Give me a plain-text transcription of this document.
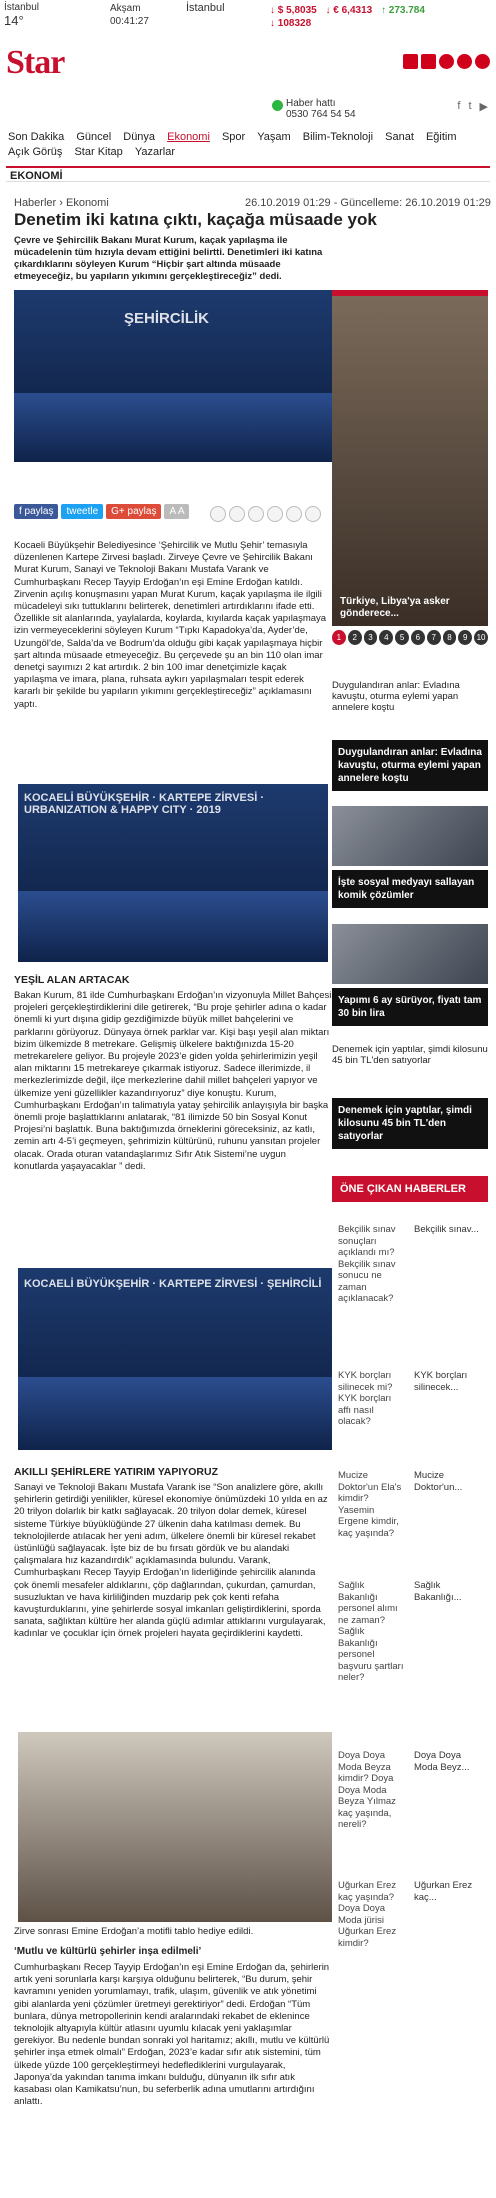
İstanbul
14°
Akşam
00:41:27
İstanbul	↓ $ 5,8035 ↓ € 6,4313 ↑ 273.784
↓ 108328
Star
Haber hattı
0530 764 54 54
f t ▶
Son Dakika Güncel Dünya Ekonomi Spor Yaşam Bilim-Teknoloji Sanat Eğitim Açık Görüş Star Kitap Yazarlar
EKONOMİ
Haberler › Ekonomi	26.10.2019 01:29 - Güncelleme: 26.10.2019 01:29
Denetim iki katına çıktı, kaçağa müsaade yok

Çevre ve Şehircilik Bakanı Murat Kurum, kaçak yapılaşma ile mücadelenin tüm hızıyla devam ettiğini belirtti. Denetimleri iki katına çıkardıklarını söyleyen Kurum “Hiçbir şart altında müsaade etmeyeceğiz, bu yapıların yıkımını gerçekleştireceğiz” dedi.

ŞEHİRCİLİK
f paylaş	tweetle	G+ paylaş	A A

Kocaeli Büyükşehir Belediyesince ‘Şehircilik ve Mutlu Şehir’ temasıyla düzenlenen Kartepe Zirvesi başladı. Zirveye Çevre ve Şehircilik Bakanı Murat Kurum, Sanayi ve Teknoloji Bakanı Mustafa Varank ve Cumhurbaşkanı Recep Tayyip Erdoğan’ın eşi Emine Erdoğan katıldı. Zirvenin açılış konuşmasını yapan Murat Kurum, kaçak yapılaşma ile ilgili mücadeleyi sıkı tuttuklarını belirterek, denetimleri artırdıklarını ifade etti. Özellikle sit alanlarında, yaylalarda, koylarda, kıyılarda kaçak yapılaşmaya izin vermeyeceklerini söyleyen Kurum “Tıpkı Kapadokya’da, Ayder’de, Uzungöl’de, Salda’da ve Bodrum’da olduğu gibi kaçak yapılaşmaya hiçbir şart altında müsaade etmeyeceğiz. Bu çerçevede şu an bin 110 olan imar denetçi sayımızı 2 kat artırdık. 2 bin 100 imar denetçimizle kaçak yapılaşma ve imara, plana, ruhsata aykırı yapılaşmaları tespit ederek kararlı bir şekilde bu yapıların yıkımını gerçekleştireceğiz” açıklamasını yaptı.

KOCAELİ BÜYÜKŞEHİR · KARTEPE ZİRVESİ · URBANIZATION & HAPPY CITY · 2019
YEŞİL ALAN ARTACAK

Bakan Kurum, 81 ilde Cumhurbaşkanı Erdoğan’ın vizyonuyla Millet Bahçesi projeleri gerçekleştirdiklerini dile getirerek, “Bu proje şehirler adına o kadar önemli ki yurt dışına gidip gezdiğimizde büyük millet bahçelerini ve parklarını görüyoruz. Dünyaya örnek parklar var. Kişi başı yeşil alan miktarı bizim ülkemizde 8 metrekare. Gelişmiş ülkelere baktığınızda 15-20 metrekarelere geliyor. Bu projeyle 2023’e giden yolda şehirlerimizin yeşil alan miktarını 15 metrekareye çıkarmak istiyoruz. Sadece illerimizde, il merkezlerimizde değil, ilçe merkezlerine dahil millet bahçeleri yapıyor ve ülkemize yeni güzellikler kazandırıyoruz” diye konuştu. Kurum, Cumhurbaşkanı Erdoğan’ın talimatıyla yatay şehircilik anlayışıyla bir başka önemli proje başlattıklarını anlatarak, “81 ilimizde 50 bin Sosyal Konut Projesi’ni başlattık. Buna baktığımızda örneklerini göreceksiniz, az katlı, zemin artı 4-5’i geçmeyen, şehrimizin kültürünü, ruhunu yansıtan projeler olacak. Orada oturan vatandaşlarımız Sıfır Atık Sistemi’ne uygun konutlarda yaşayacaklar ” dedi.

KOCAELİ BÜYÜKŞEHİR · KARTEPE ZİRVESİ · ŞEHİRCİLİ
AKILLI ŞEHİRLERE YATIRIM YAPIYORUZ

Sanayi ve Teknoloji Bakanı Mustafa Varank ise “Son analizlere göre, akıllı şehirlerin getirdiği yenilikler, küresel ekonomiye önümüzdeki 10 yılda en az 20 trilyon dolarlık bir katkı sağlayacak. 20 trilyon dolar demek, küresel sisteme Türkiye büyüklüğünde 27 ülkenin daha katılması demek. Bu teknolojilerde atılacak her yeni adım, ülkelere önemli bir küresel rekabet üstünlüğü sağlayacak. İşte biz de bu fırsatı gördük ve bu alandaki çalışmalara hız kazandırdık” açıklamasında bulundu. Varank, Cumhurbaşkanı Recep Tayyip Erdoğan’ın liderliğinde şehircilik alanında çok önemli mesafeler aldıklarını, çöp dağlarından, çukurdan, çamurdan, susuzluktan ve hava kirliliğinden muzdarip pek çok kenti refaha kavuşturduklarını, yine şehirlerde sosyal imkanları geliştirdiklerini, sporda sanata, sağlıktan kültüre her alanda güçlü adımlar attıklarını vurgulayarak, kadınlar ve çocuklar için örnek projeleri hayata geçirdiklerini kaydetti.

Zirve sonrası Emine Erdoğan’a motifli tablo hediye edildi.

‘Mutlu ve kültürlü şehirler inşa edilmeli’

Cumhurbaşkanı Recep Tayyip Erdoğan’ın eşi Emine Erdoğan da, şehirlerin artık yeni sorunlarla karşı karşıya olduğunu belirterek, “Bu durum, şehir kavramını yeniden yorumlamayı, trafik, ulaşım, güvenlik ve atık yönetimi gibi alanlarda yeni çözümler üretmeyi gerektiriyor” dedi. Erdoğan “Tüm bunlara, dünya metropollerinin kendi aralarındaki rekabet de eklenince teknolojik altyapıyla kültür atlasını uyumlu kılacak yeni yaklaşımlar gerekiyor. Bu nedenle bundan sonraki yol haritamız; akıllı, mutlu ve kültürlü şehirler inşa etmek olmalı” Erdoğan, 2023’e kadar sıfır atık sistemini, tüm ülkede yüzde 100 gerçekleştirmeyi hedeflediklerini vurgulayarak, Japonya’da yakından tanıma imkanı bulduğu, dünyanın ilk sıfır atık kasabası olan Kamikatsu’nun, bu seferberlik adına umutlarını artırdığını anlattı.

Türkiye, Libya'ya asker gönderece...
1	2	3	4	5	6	7	8	9	10
Duygulandıran anlar: Evladına kavuştu, oturma eylemi yapan annelere koştu
Duygulandıran anlar: Evladına kavuştu, oturma eylemi yapan annelere koştu
İşte sosyal medyayı sallayan komik çözümler
Yapımı 6 ay sürüyor, fiyatı tam 30 bin lira
Denemek için yaptılar, şimdi kilosunu 45 bin TL'den satıyorlar
Denemek için yaptılar, şimdi kilosunu 45 bin TL'den satıyorlar
ÖNE ÇIKAN HABERLER
Bekçilik sınav sonuçları açıklandı mı? Bekçilik sınav sonucu ne zaman açıklanacak?
Bekçilik sınav...
KYK borçları silinecek mi? KYK borçları affı nasıl olacak?
KYK borçları silinecek...
Mucize Doktor'un Ela's kimdir? Yasemin Ergene kimdir, kaç yaşında?
Mucize Doktor'un...
Sağlık Bakanlığı personel alımı ne zaman? Sağlık Bakanlığı personel başvuru şartları neler?
Sağlık Bakanlığı...
Doya Doya Moda Beyza kimdir? Doya Doya Moda Beyza Yılmaz kaç yaşında, nereli?
Doya Doya Moda Beyz...
Uğurkan Erez kaç yaşında? Doya Doya Moda jürisi Uğurkan Erez kimdir?
Uğurkan Erez kaç...
